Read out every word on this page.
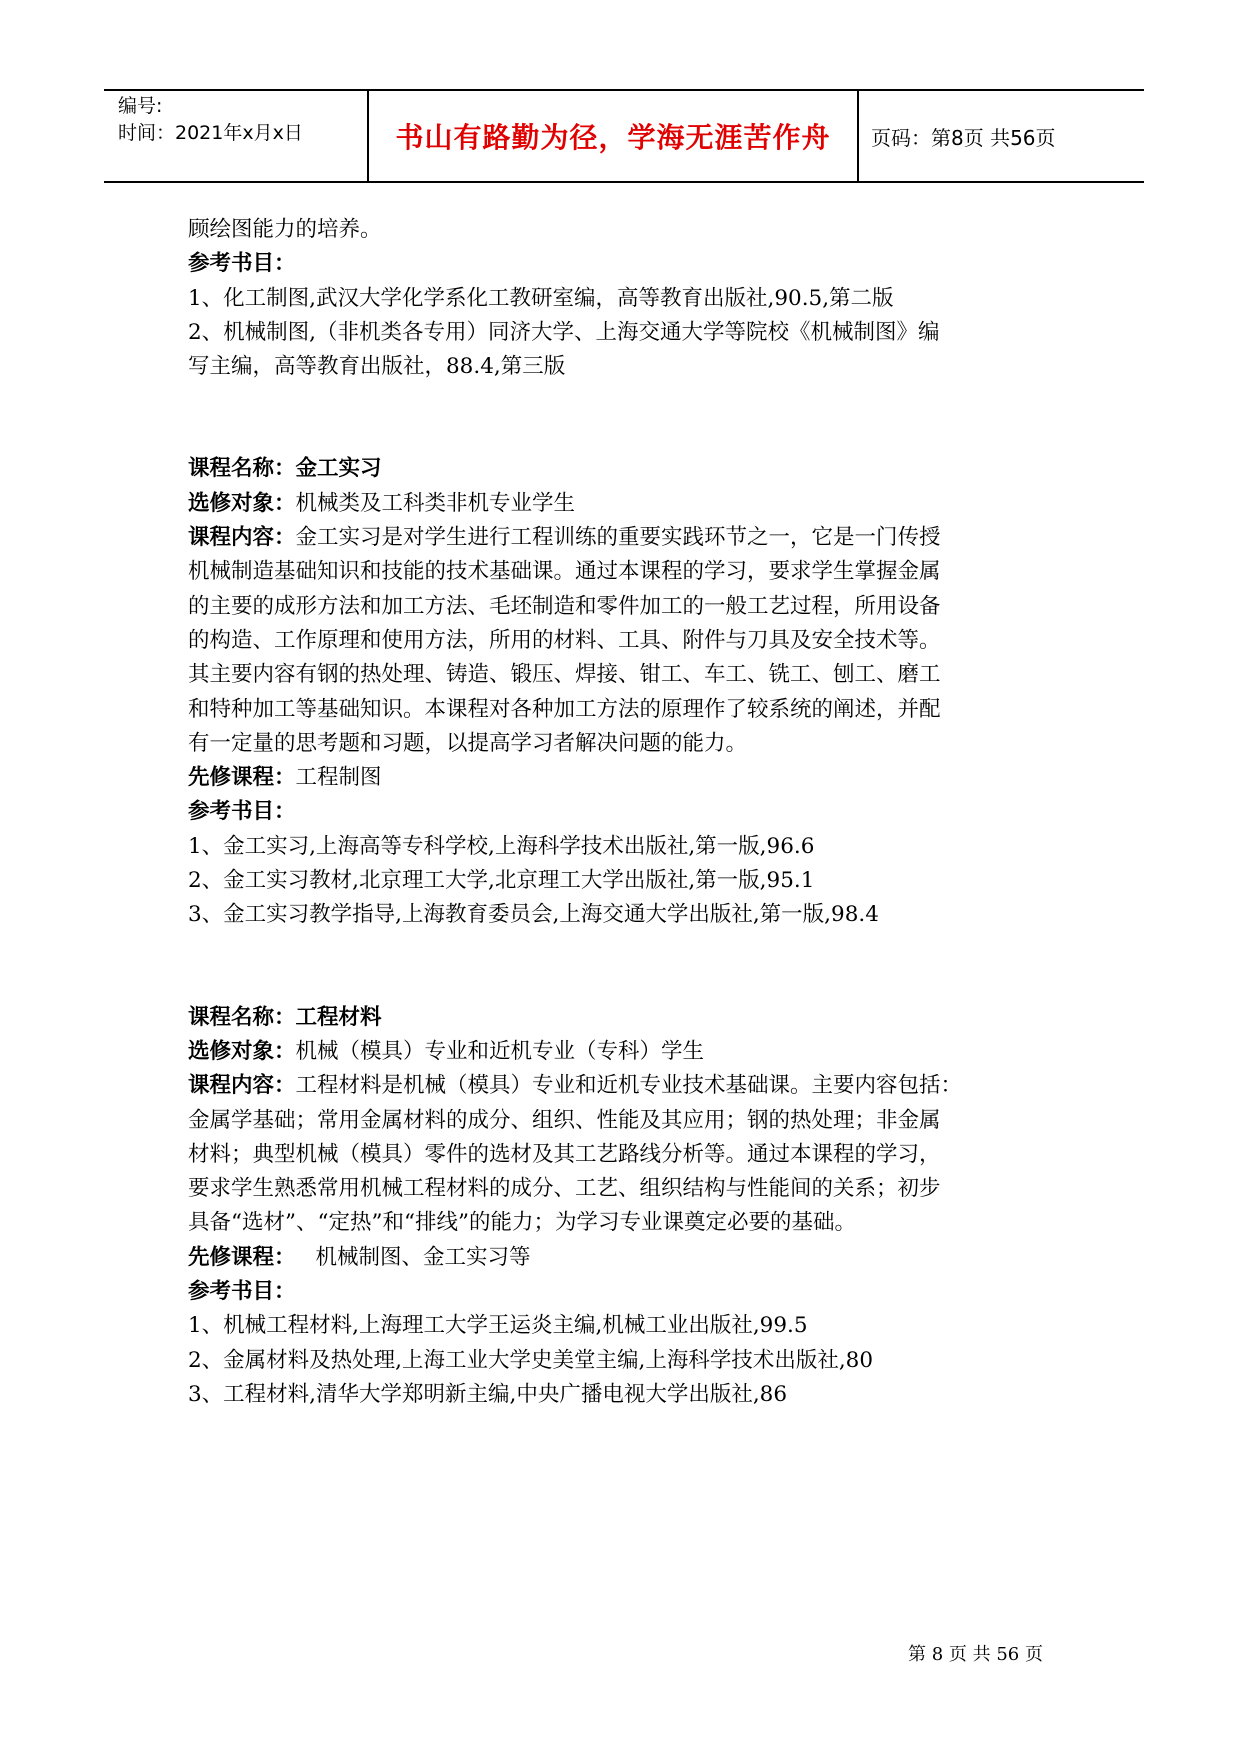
编号:
时间：2021年x月x日	书山有路勤为径，学海无涯苦作舟	页码：第8页 共56页
顾绘图能力的培养。
参考书目：
1、化工制图,武汉大学化学系化工教研室编，高等教育出版社,90.5,第二版
2、机械制图,（非机类各专用）同济大学、上海交通大学等院校《机械制图》编
写主编，高等教育出版社，88.4,第三版
课程名称：金工实习
选修对象：机械类及工科类非机专业学生
课程内容：金工实习是对学生进行工程训练的重要实践环节之一，它是一门传授
机械制造基础知识和技能的技术基础课。通过本课程的学习，要求学生掌握金属
的主要的成形方法和加工方法、毛坯制造和零件加工的一般工艺过程，所用设备
的构造、工作原理和使用方法，所用的材料、工具、附件与刀具及安全技术等。
其主要内容有钢的热处理、铸造、锻压、焊接、钳工、车工、铣工、刨工、磨工
和特种加工等基础知识。本课程对各种加工方法的原理作了较系统的阐述，并配
有一定量的思考题和习题，以提高学习者解决问题的能力。
先修课程：工程制图
参考书目：
1、金工实习,上海高等专科学校,上海科学技术出版社,第一版,96.6
2、金工实习教材,北京理工大学,北京理工大学出版社,第一版,95.1
3、金工实习教学指导,上海教育委员会,上海交通大学出版社,第一版,98.4
课程名称：工程材料
选修对象：机械（模具）专业和近机专业（专科）学生
课程内容：工程材料是机械（模具）专业和近机专业技术基础课。主要内容包括：
金属学基础；常用金属材料的成分、组织、性能及其应用；钢的热处理；非金属
材料；典型机械（模具）零件的选材及其工艺路线分析等。通过本课程的学习，
要求学生熟悉常用机械工程材料的成分、工艺、组织结构与性能间的关系；初步
具备“选材”、“定热”和“排线”的能力；为学习专业课奠定必要的基础。
先修课程： 机械制图、金工实习等
参考书目：
1、机械工程材料,上海理工大学王运炎主编,机械工业出版社,99.5
2、金属材料及热处理,上海工业大学史美堂主编,上海科学技术出版社,80
3、工程材料,清华大学郑明新主编,中央广播电视大学出版社,86
第 8 页 共 56 页
